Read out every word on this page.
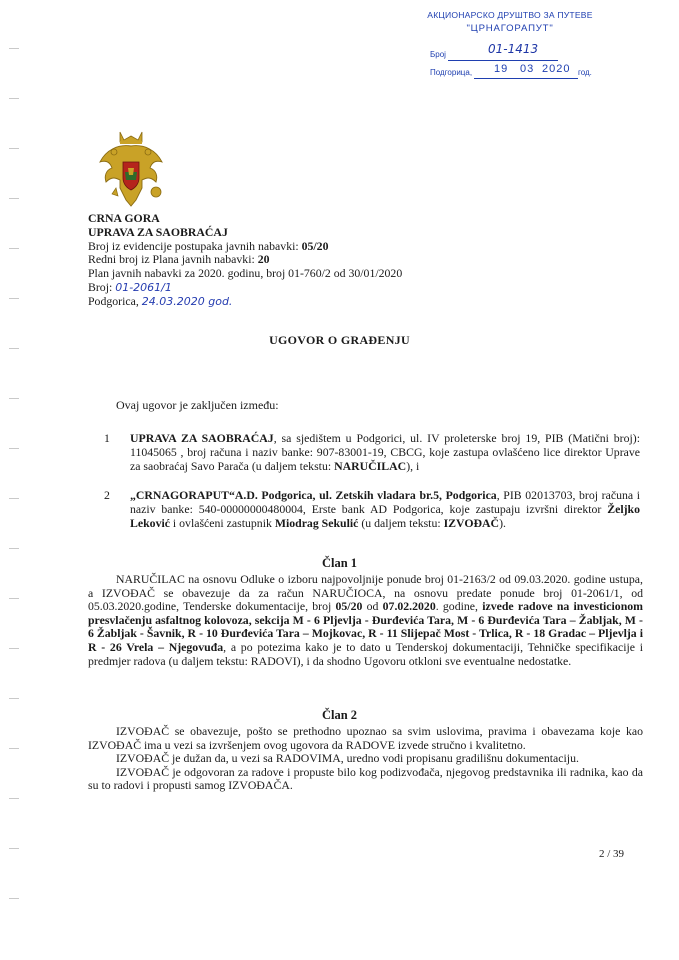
АКЦИОНАРСКО ДРУШТВО ЗА ПУТЕВЕ
"ЦРНАГОРАПУТ"
Број	01-1413
Подгорица, 19 03 2020 год.
CRNA GORA
UPRAVA ZA SAOBRAĆAJ
Broj iz evidencije postupaka javnih nabavki: 05/20
Redni broj iz Plana javnih nabavki: 20
Plan javnih nabavki za 2020. godinu, broj 01-760/2 od 30/01/2020
Broj: 01-2061/1
Podgorica, 24.03.2020 god.
UGOVOR O GRAĐENJU
Ovaj ugovor je zaključen između:
1 UPRAVA ZA SAOBRAĆAJ, sa sjedištem u Podgorici, ul. IV proleterske broj 19, PIB (Matični broj): 11045065 , broj računa i naziv banke: 907-83001-19, CBCG, koje zastupa ovlašćeno lice direktor Uprave za saobraćaj Savo Parača (u daljem tekstu: NARUČILAC), i
2 „CRNAGORAPUT“A.D. Podgorica, ul. Zetskih vladara br.5, Podgorica, PIB 02013703, broj računa i naziv banke: 540-00000000480004, Erste bank AD Podgorica, koje zastupaju izvršni direktor Željko Leković i ovlašćeni zastupnik Miodrag Sekulić (u daljem tekstu: IZVOĐAČ).
Član 1
NARUČILAC na osnovu Odluke o izboru najpovoljnije ponude broj 01-2163/2 od 09.03.2020. godine ustupa, a IZVOĐAČ se obavezuje da za račun NARUČIOCA, na osnovu predate ponude broj 01-2061/1, od 05.03.2020.godine, Tenderske dokumentacije, broj 05/20 od 07.02.2020. godine, izvede radove na investicionom presvlačenju asfaltnog kolovoza, sekcija M - 6 Pljevlja - Đurđevića Tara, M - 6 Đurđevića Tara – Žabljak, M - 6 Žabljak - Šavnik, R - 10 Đurđevića Tara – Mojkovac, R - 11 Slijepač Most - Trlica, R - 18 Gradac – Pljevlja i R - 26 Vrela – Njegovuđa, a po potezima kako je to dato u Tenderskoj dokumentaciji, Tehničke specifikacije i predmjer radova (u daljem tekstu: RADOVI), i da shodno Ugovoru otkloni sve eventualne nedostatke.
Član 2
IZVOĐAČ se obavezuje, pošto se prethodno upoznao sa svim uslovima, pravima i obavezama koje kao IZVOĐAČ ima u vezi sa izvršenjem ovog ugovora da RADOVE izvede stručno i kvalitetno.
IZVOĐAČ je dužan da, u vezi sa RADOVIMA, uredno vodi propisanu gradilišnu dokumentaciju.
IZVOĐAČ je odgovoran za radove i propuste bilo kog podizvođača, njegovog predstavnika ili radnika, kao da su to radovi i propusti samog IZVOĐAČA.
2 / 39
